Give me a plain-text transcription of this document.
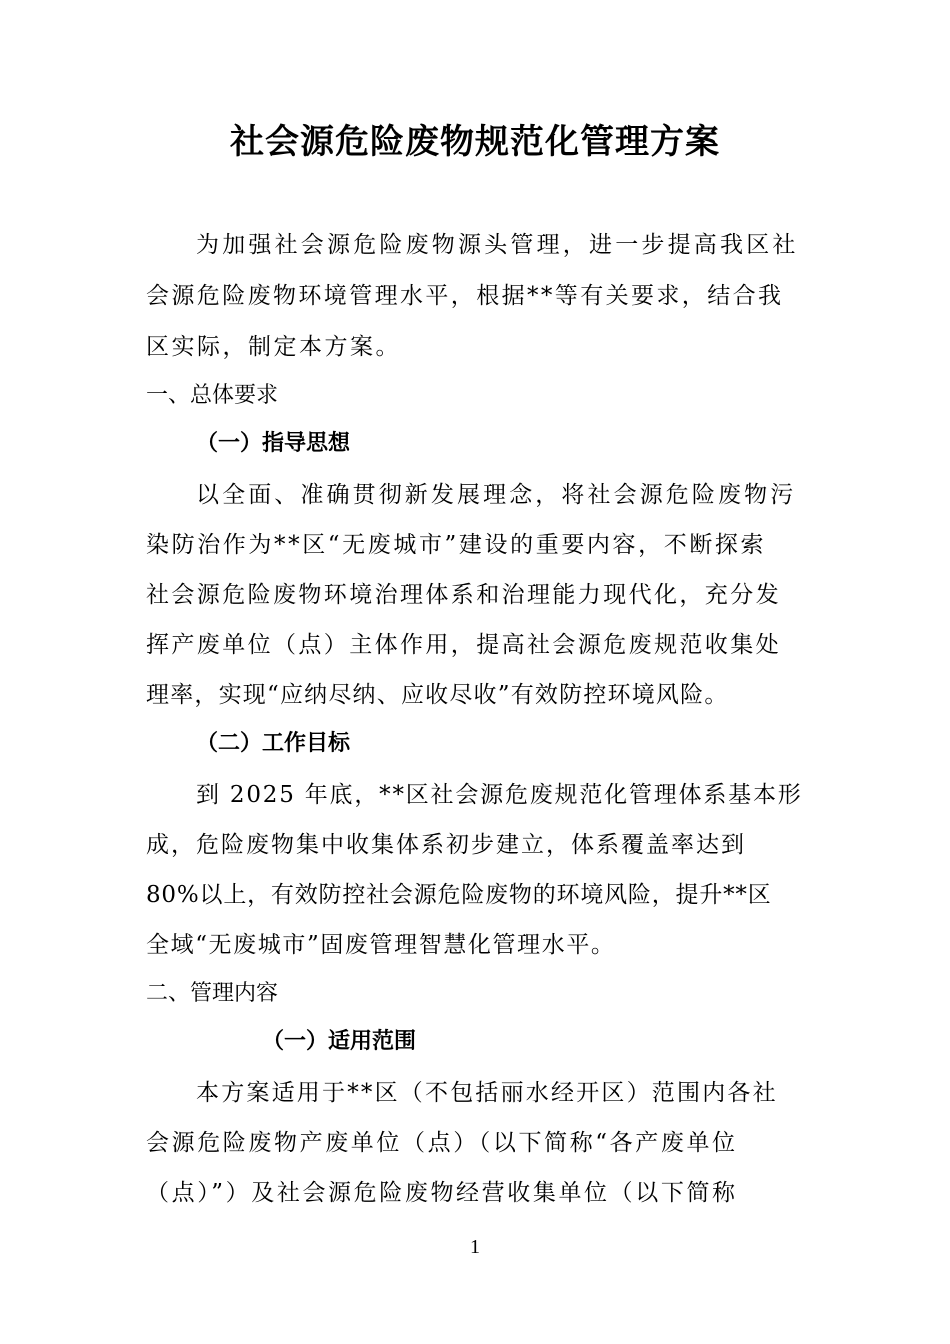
社会源危险废物规范化管理方案
为加强社会源危险废物源头管理，进一步提高我区社
会源危险废物环境管理水平，根据**等有关要求，结合我
区实际，制定本方案。
一、总体要求
（一）指导思想
以全面、准确贯彻新发展理念，将社会源危险废物污
染防治作为**区“无废城市”建设的重要内容，不断探索
社会源危险废物环境治理体系和治理能力现代化，充分发
挥产废单位（点）主体作用，提高社会源危废规范收集处
理率，实现“应纳尽纳、应收尽收”有效防控环境风险。
（二）工作目标
到 2025 年底，**区社会源危废规范化管理体系基本形
成，危险废物集中收集体系初步建立，体系覆盖率达到
80%以上，有效防控社会源危险废物的环境风险，提升**区
全域“无废城市”固废管理智慧化管理水平。
二、管理内容
（一）适用范围
本方案适用于**区（不包括丽水经开区）范围内各社
会源危险废物产废单位（点）（以下简称“各产废单位
（点）”）及社会源危险废物经营收集单位（以下简称
1
